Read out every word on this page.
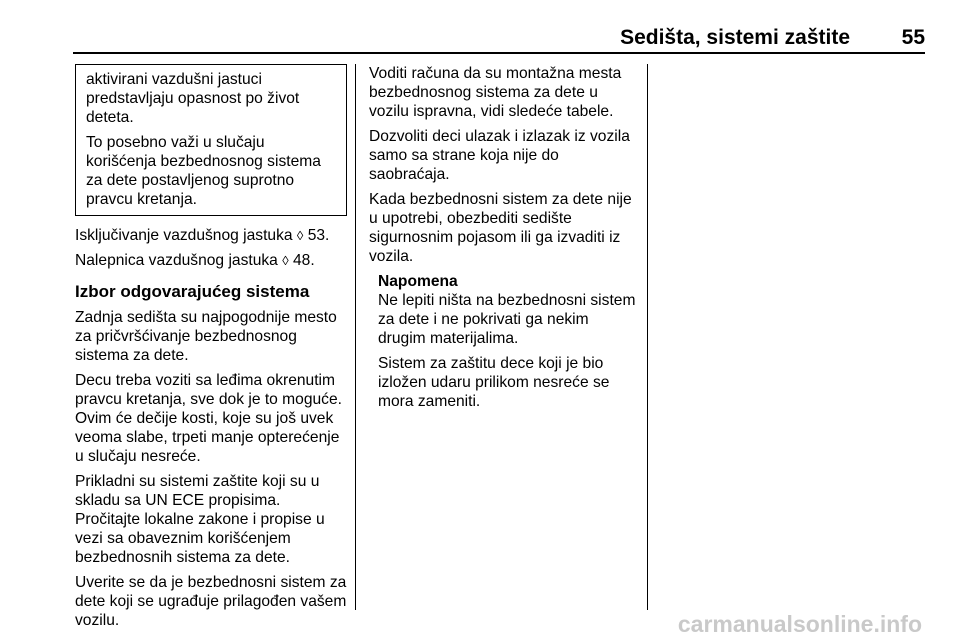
Sedišta, sistemi zaštite 55

aktivirani vazdušni jastuci predstavljaju opasnost po život deteta.

To posebno važi u slučaju korišćenja bezbednosnog sistema za dete postavljenog suprotno pravcu kretanja.

Isključivanje vazdušnog jastuka ◊ 53.

Nalepnica vazdušnog jastuka ◊ 48.

Izbor odgovarajućeg sistema

Zadnja sedišta su najpogodnije mesto za pričvršćivanje bezbednosnog sistema za dete.

Decu treba voziti sa leđima okrenutim pravcu kretanja, sve dok je to moguće. Ovim će dečije kosti, koje su još uvek veoma slabe, trpeti manje opterećenje u slučaju nesreće.

Prikladni su sistemi zaštite koji su u skladu sa UN ECE propisima. Pročitajte lokalne zakone i propise u vezi sa obaveznim korišćenjem bezbednosnih sistema za dete.

Uverite se da je bezbednosni sistem za dete koji se ugrađuje prilagođen vašem vozilu.

Voditi računa da su montažna mesta bezbednosnog sistema za dete u vozilu ispravna, vidi sledeće tabele.

Dozvoliti deci ulazak i izlazak iz vozila samo sa strane koja nije do saobraćaja.

Kada bezbednosni sistem za dete nije u upotrebi, obezbediti sedište sigurnosnim pojasom ili ga izvaditi iz vozila.

Napomena

Ne lepiti ništa na bezbednosni sistem za dete i ne pokrivati ga nekim drugim materijalima.

Sistem za zaštitu dece koji je bio izložen udaru prilikom nesreće se mora zameniti.

carmanualsonline.info
